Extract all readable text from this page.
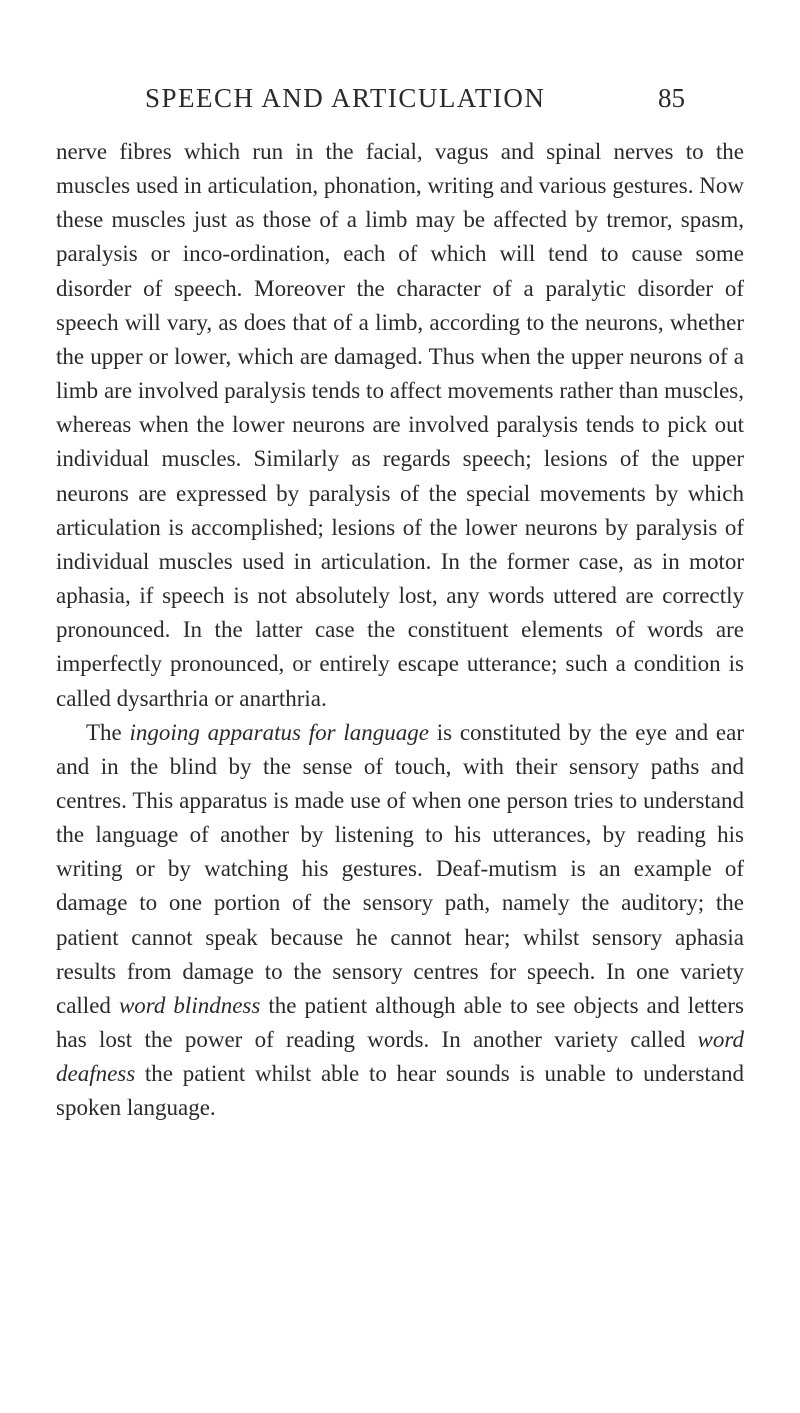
SPEECH AND ARTICULATION	85

nerve fibres which run in the facial, vagus and spinal nerves to the muscles used in articulation, phonation, writing and various gestures. Now these muscles just as those of a limb may be affected by tremor, spasm, paralysis or inco-ordination, each of which will tend to cause some disorder of speech. Moreover the character of a paralytic disorder of speech will vary, as does that of a limb, according to the neurons, whether the upper or lower, which are damaged. Thus when the upper neurons of a limb are involved paralysis tends to affect movements rather than muscles, whereas when the lower neurons are involved paralysis tends to pick out individual muscles. Similarly as regards speech; lesions of the upper neurons are expressed by paralysis of the special movements by which articulation is accomplished; lesions of the lower neurons by paralysis of individual muscles used in articulation. In the former case, as in motor aphasia, if speech is not absolutely lost, any words uttered are correctly pronounced. In the latter case the constituent elements of words are imperfectly pronounced, or entirely escape utterance; such a condition is called dysarthria or anarthria.

The ingoing apparatus for language is constituted by the eye and ear and in the blind by the sense of touch, with their sensory paths and centres. This apparatus is made use of when one person tries to understand the language of another by listening to his utterances, by reading his writing or by watching his gestures. Deaf-mutism is an example of damage to one portion of the sensory path, namely the auditory; the patient cannot speak because he cannot hear; whilst sensory aphasia results from damage to the sensory centres for speech. In one variety called word blindness the patient although able to see objects and letters has lost the power of reading words. In another variety called word deafness the patient whilst able to hear sounds is unable to understand spoken language.
